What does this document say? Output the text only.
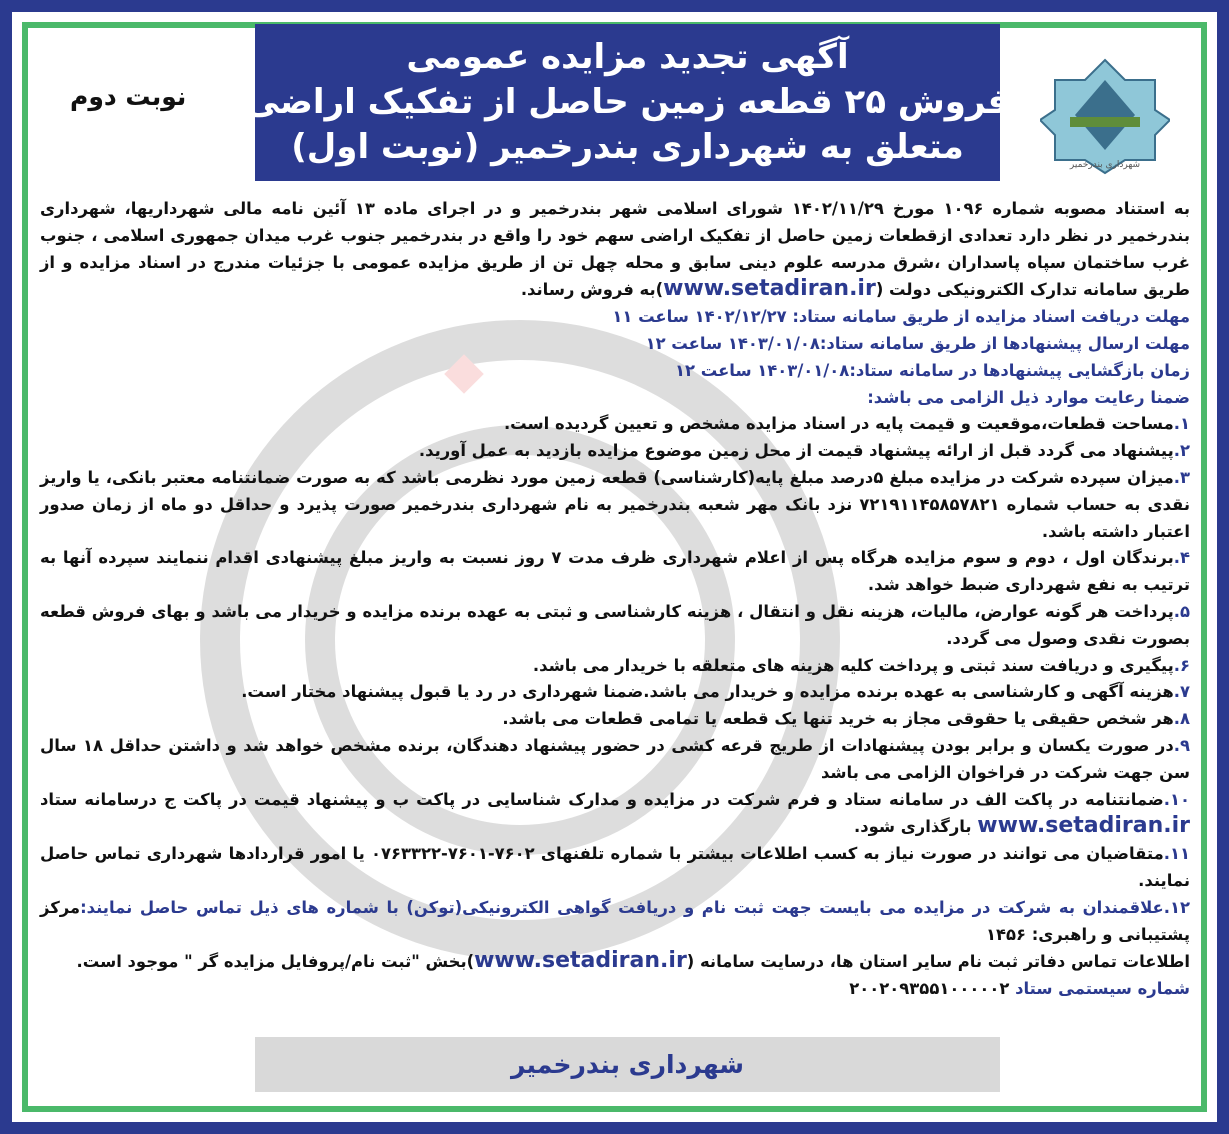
شهرداری بندرخمیر
آگهی تجدید مزایده عمومی
فروش ۲۵ قطعه زمین حاصل از تفکیک اراضی
متعلق به شهرداری بندرخمیر (نوبت اول)
نوبت دوم

به استناد مصوبه شماره ۱۰۹۶ مورخ ۱۴۰۲/۱۱/۲۹ شورای اسلامی شهر بندرخمیر و در اجرای ماده ۱۳ آئین نامه مالی شهرداریها، شهرداری بندرخمیر در نظر دارد تعدادی ازقطعات زمین حاصل از تفکیک اراضی سهم خود را واقع در بندرخمیر جنوب غرب میدان جمهوری اسلامی ، جنوب غرب ساختمان سپاه پاسداران ،شرق مدرسه علوم دینی سابق و محله چهل تن از طریق مزایده عمومی با جزئیات مندرج در اسناد مزایده و از طریق سامانه تدارک الکترونیکی دولت (www.setadiran.ir)به فروش رساند.

مهلت دریافت اسناد مزایده از طریق سامانه ستاد: ۱۴۰۲/۱۲/۲۷ ساعت ۱۱

مهلت ارسال پیشنهادها از طریق سامانه ستاد:۱۴۰۳/۰۱/۰۸ ساعت ۱۲

زمان بازگشایی پیشنهادها در سامانه ستاد:۱۴۰۳/۰۱/۰۸ ساعت ۱۲

ضمنا رعایت موارد ذیل الزامی می باشد:

۱.مساحت قطعات،موقعیت و قیمت پایه در اسناد مزایده مشخص و تعیین گردیده است.

۲.پیشنهاد می گردد قبل از ارائه پیشنهاد قیمت از محل زمین موضوع مزایده بازدید به عمل آورید.

۳.میزان سپرده شرکت در مزایده مبلغ ۵درصد مبلغ پایه(کارشناسی) قطعه زمین مورد نظرمی باشد که به صورت ضمانتنامه معتبر بانکی، یا واریز نقدی به حساب شماره ۷۲۱۹۱۱۴۵۸۵۷۸۲۱ نزد بانک مهر شعبه بندرخمیر به نام شهرداری بندرخمیر صورت پذیرد و حداقل دو ماه از زمان صدور اعتبار داشته باشد.

۴.برندگان اول ، دوم و سوم مزایده هرگاه پس از اعلام شهرداری ظرف مدت ۷ روز نسبت به واریز مبلغ پیشنهادی اقدام ننمایند سپرده آنها به ترتیب به نفع شهرداری ضبط خواهد شد.

۵.پرداخت هر گونه عوارض، مالیات، هزینه نقل و انتقال ، هزینه کارشناسی و ثبتی به عهده برنده مزایده و خریدار می باشد و بهای فروش قطعه بصورت نقدی وصول می گردد.

۶.پیگیری و دریافت سند ثبتی و پرداخت کلیه هزینه های متعلقه با خریدار می باشد.

۷.هزینه آگهی و کارشناسی به عهده برنده مزایده و خریدار می باشد.ضمنا شهرداری در رد یا قبول پیشنهاد مختار است.

۸.هر شخص حقیقی یا حقوقی مجاز به خرید تنها یک قطعه یا تمامی قطعات می باشد.

۹.در صورت یکسان و برابر بودن پیشنهادات از طریج قرعه کشی در حضور پیشنهاد دهندگان، برنده مشخص خواهد شد و داشتن حداقل ۱۸ سال سن جهت شرکت در فراخوان الزامی می باشد

۱۰.ضمانتنامه در پاکت الف در سامانه ستاد و فرم شرکت در مزایده و مدارک شناسایی در پاکت ب و پیشنهاد قیمت در پاکت ج درسامانه ستاد www.setadiran.ir بارگذاری شود.

۱۱.متقاضیان می توانند در صورت نیاز به کسب اطلاعات بیشتر با شماره تلفنهای ۷۶۰۲-۷۶۰۱-۰۷۶۳۳۲۲ یا امور قراردادها شهرداری تماس حاصل نمایند.

۱۲.علاقمندان به شرکت در مزایده می بایست جهت ثبت نام و دریافت گواهی الکترونیکی(توکن) با شماره های ذیل تماس حاصل نمایند:مرکز پشتیبانی و راهبری: ۱۴۵۶

اطلاعات تماس دفاتر ثبت نام سایر استان ها، درسایت سامانه (www.setadiran.ir)بخش "ثبت نام/پروفایل مزایده گر " موجود است.

شماره سیستمی ستاد ۲۰۰۲۰۹۳۵۵۱۰۰۰۰۰۲

شهرداری بندرخمیر
